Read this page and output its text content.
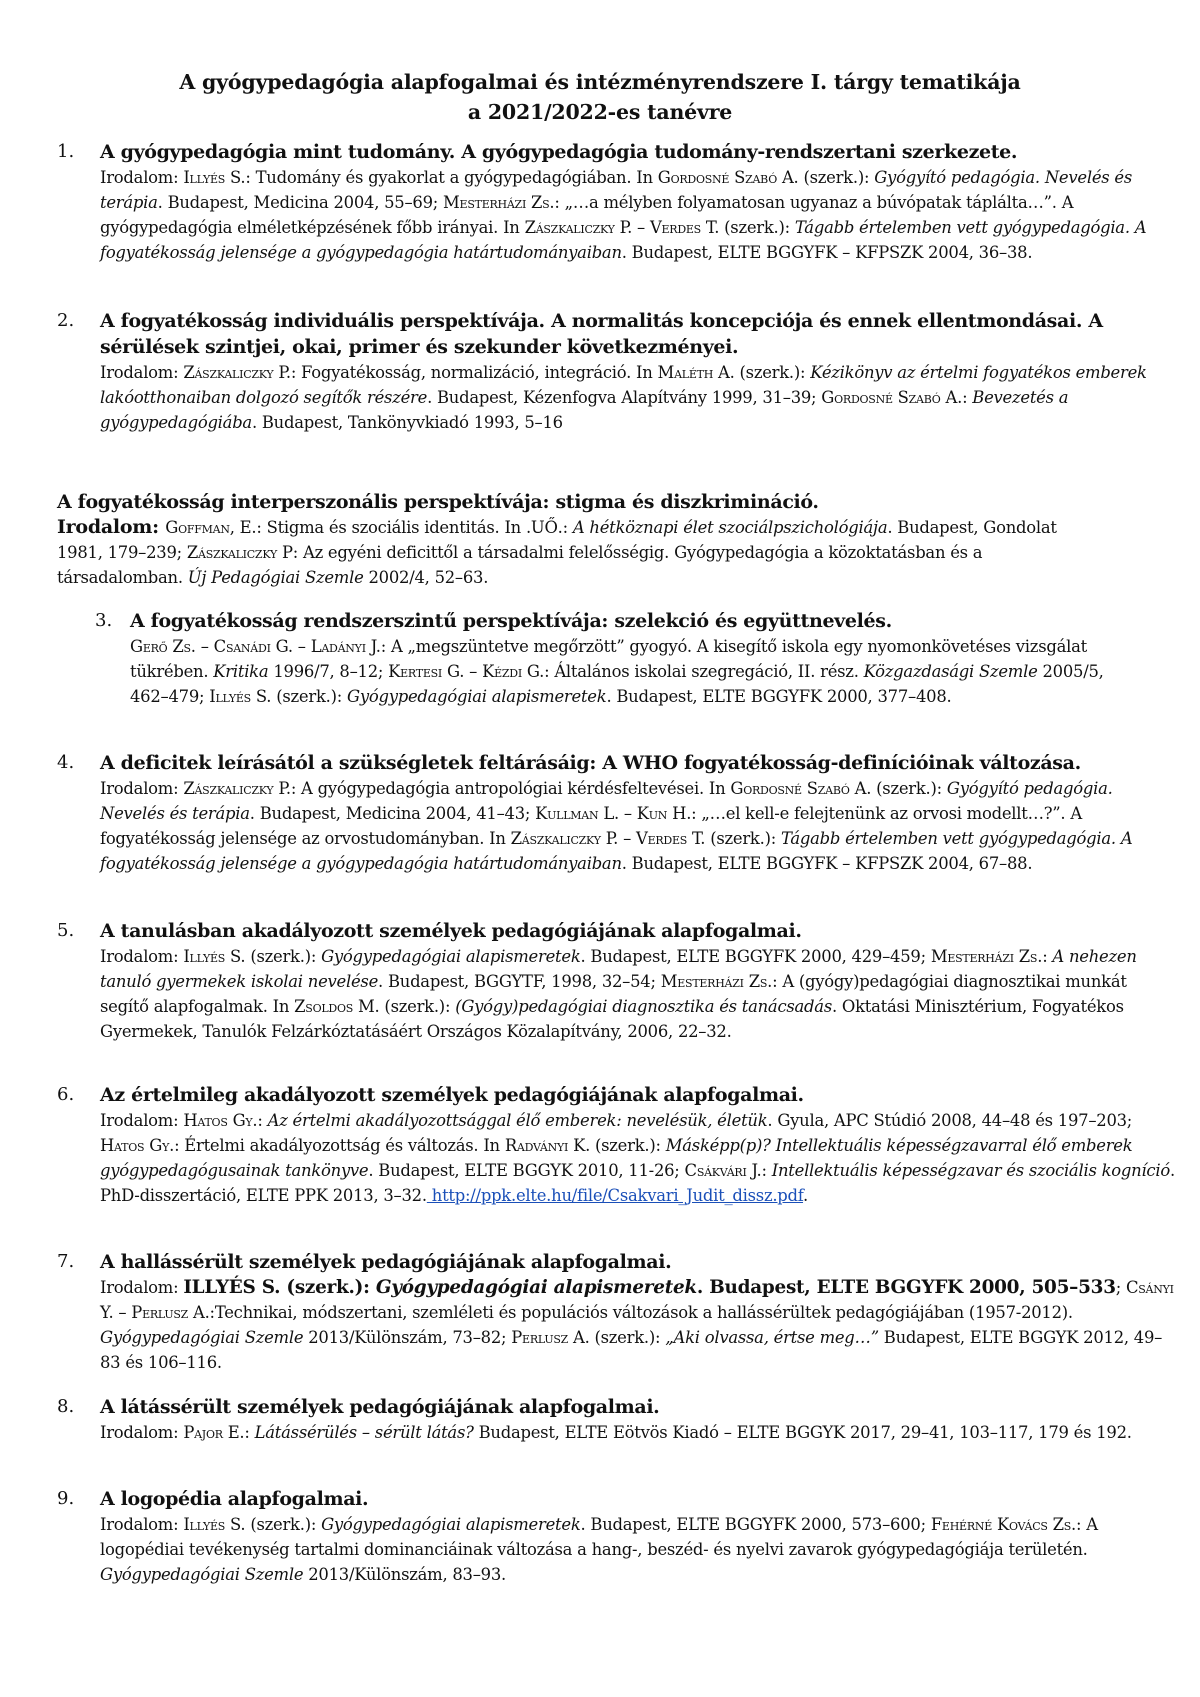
A gyógypedagógia alapfogalmai és intézményrendszere I. tárgy tematikája
a 2021/2022-es tanévre
1. A gyógypedagógia mint tudomány. A gyógypedagógia tudomány-rendszertani szerkezete.
Irodalom: Illyés S.: Tudomány és gyakorlat a gyógypedagógiában. In Gordosné Szabó A. (szerk.): Gyógyító pedagógia. Nevelés és terápia. Budapest, Medicina 2004, 55–69; Mesterházi Zs.: „…a mélyben folyamatosan ugyanaz a búvópatak táplálta…”. A gyógypedagógia elméletképzésének főbb irányai. In Zászkaliczky P. – Verdes T. (szerk.): Tágabb értelemben vett gyógypedagógia. A fogyatékosság jelensége a gyógypedagógia határtudományaiban. Budapest, ELTE BGGYFK – KFPSZK 2004, 36–38.
2. A fogyatékosság individuális perspektívája. A normalitás koncepciója és ennek ellentmondásai. A sérülések szintjei, okai, primer és szekunder következményei.
Irodalom: Zászkaliczky P.: Fogyatékosság, normalizáció, integráció. In Maléth A. (szerk.): Kézikönyv az értelmi fogyatékos emberek lakóotthonaiban dolgozó segítők részére. Budapest, Kézenfogva Alapítvány 1999, 31–39; Gordosné Szabó A.: Bevezetés a gyógypedagógiába. Budapest, Tankönyvkiadó 1993, 5–16
A fogyatékosság interperszonális perspektívája: stigma és diszkrimináció.
Irodalom: Goffman, E.: Stigma és szociális identitás. In .UŐ.: A hétköznapi élet szociálpszichológiája. Budapest, Gondolat 1981, 179–239; Zászkaliczky P: Az egyéni deficittől a társadalmi felelősségig. Gyógypedagógia a közoktatásban és a társadalomban. Új Pedagógiai Szemle 2002/4, 52–63.
3. A fogyatékosság rendszerszintű perspektívája: szelekció és együttnevelés.
Gerő Zs. – Csanádi G. – Ladányi J.: A „megszüntetve megőrzött” gyogyó. A kisegítő iskola egy nyomonkövetéses vizsgálat tükrében. Kritika 1996/7, 8–12; Kertesi G. – Kézdi G.: Általános iskolai szegregáció, II. rész. Közgazdasági Szemle 2005/5, 462–479; Illyés S. (szerk.): Gyógypedagógiai alapismeretek. Budapest, ELTE BGGYFK 2000, 377–408.
4. A deficitek leírásától a szükségletek feltárásáig: A WHO fogyatékosság-definícióinak változása.
Irodalom: Zászkaliczky P.: A gyógypedagógia antropológiai kérdésfeltevései. In Gordosné Szabó A. (szerk.): Gyógyító pedagógia. Nevelés és terápia. Budapest, Medicina 2004, 41–43; Kullman L. – Kun H.: „…el kell-e felejtenünk az orvosi modellt…?”. A fogyatékosság jelensége az orvostudományban. In Zászkaliczky P. – Verdes T. (szerk.): Tágabb értelemben vett gyógypedagógia. A fogyatékosság jelensége a gyógypedagógia határtudományaiban. Budapest, ELTE BGGYFK – KFPSZK 2004, 67–88.
5. A tanulásban akadályozott személyek pedagógiájának alapfogalmai.
Irodalom: Illyés S. (szerk.): Gyógypedagógiai alapismeretek. Budapest, ELTE BGGYFK 2000, 429–459; Mesterházi Zs.: A nehezen tanuló gyermekek iskolai nevelése. Budapest, BGGYTF, 1998, 32–54; Mesterházi Zs.: A (gyógy)pedagógiai diagnosztikai munkát segítő alapfogalmak. In Zsoldos M. (szerk.): (Gyógy)pedagógiai diagnosztika és tanácsadás. Oktatási Minisztérium, Fogyatékos Gyermekek, Tanulók Felzárkóztatásáért Országos Közalapítvány, 2006, 22–32.
6. Az értelmileg akadályozott személyek pedagógiájának alapfogalmai.
Irodalom: Hatos Gy.: Az értelmi akadályozottsággal élő emberek: nevelésük, életük. Gyula, APC Stúdió 2008, 44–48 és 197–203; Hatos Gy.: Értelmi akadályozottság és változás. In Radványi K. (szerk.): Másképp(p)? Intellektuális képességzavarral élő emberek gyógypedagógusainak tankönyve. Budapest, ELTE BGGYK 2010, 11-26; Csákvári J.: Intellektuális képességzavar és szociális kogníció. PhD-disszertáció, ELTE PPK 2013, 3–32. http://ppk.elte.hu/file/Csakvari_Judit_dissz.pdf.
7. A hallássérült személyek pedagógiájának alapfogalmai.
Irodalom: ILLYÉS S. (szerk.): Gyógypedagógiai alapismeretek. Budapest, ELTE BGGYFK 2000, 505–533; Csányi Y. – Perlusz A.:Technikai, módszertani, szemléleti és populációs változások a hallássérültek pedagógiájában (1957-2012). Gyógypedagógiai Szemle 2013/Különszám, 73–82; Perlusz A. (szerk.): „Aki olvassa, értse meg…” Budapest, ELTE BGGYK 2012, 49–83 és 106–116.
8. A látássérült személyek pedagógiájának alapfogalmai.
Irodalom: Pajor E.: Látássérülés – sérült látás? Budapest, ELTE Eötvös Kiadó – ELTE BGGYK 2017, 29–41, 103–117, 179 és 192.
9. A logopédia alapfogalmai.
Irodalom: Illyés S. (szerk.): Gyógypedagógiai alapismeretek. Budapest, ELTE BGGYFK 2000, 573–600; Fehérné Kovács Zs.: A logopédiai tevékenység tartalmi dominanciáinak változása a hang-, beszéd- és nyelvi zavarok gyógypedagógiája területén. Gyógypedagógiai Szemle 2013/Különszám, 83–93.
